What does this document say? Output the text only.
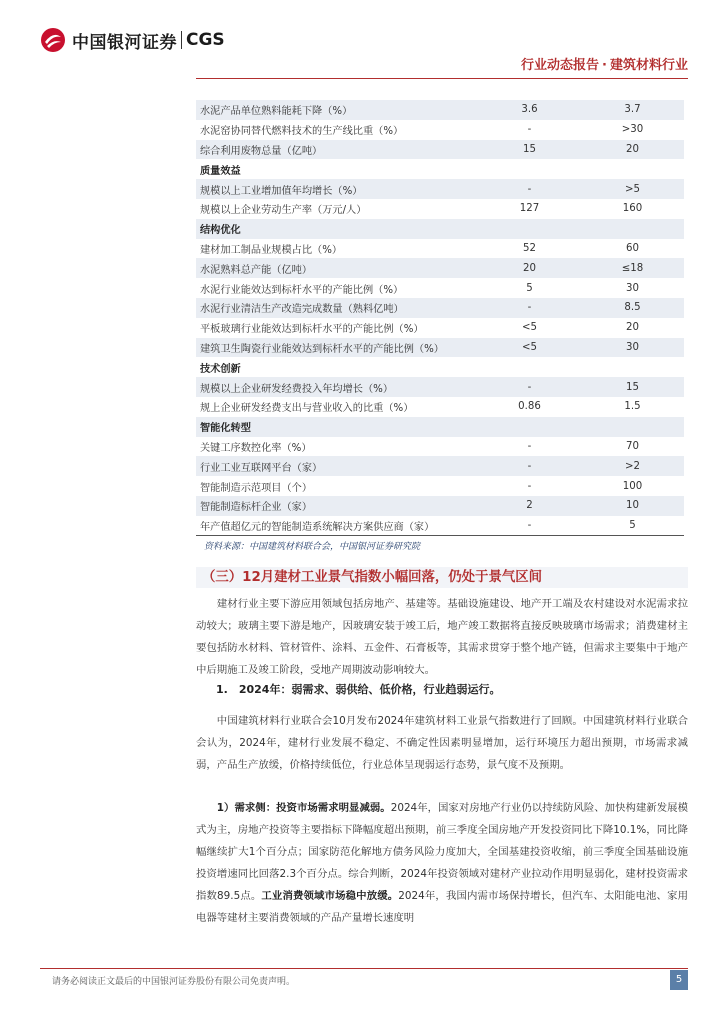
中国银河证券 CGS
行业动态报告 · 建筑材料行业
水泥产品单位熟料能耗下降（%）	3.6	3.7
水泥窑协同替代燃料技术的生产线比重（%）	-	>30
综合利用废物总量（亿吨）	15	20
质量效益		
规模以上工业增加值年均增长（%）	-	>5
规模以上企业劳动生产率（万元/人）	127	160
结构优化		
建材加工制品业规模占比（%）	52	60
水泥熟料总产能（亿吨）	20	≤18
水泥行业能效达到标杆水平的产能比例（%）	5	30
水泥行业清洁生产改造完成数量（熟料亿吨）	-	8.5
平板玻璃行业能效达到标杆水平的产能比例（%）	<5	20
建筑卫生陶瓷行业能效达到标杆水平的产能比例（%）	<5	30
技术创新		
规模以上企业研发经费投入年均增长（%）	-	15
规上企业研发经费支出与营业收入的比重（%）	0.86	1.5
智能化转型		
关键工序数控化率（%）	-	70
行业工业互联网平台（家）	-	>2
智能制造示范项目（个）	-	100
智能制造标杆企业（家）	2	10
年产值超亿元的智能制造系统解决方案供应商（家）	-	5
资料来源：中国建筑材料联合会，中国银河证券研究院
（三）12月建材工业景气指数小幅回落，仍处于景气区间

建材行业主要下游应用领域包括房地产、基建等。基础设施建设、地产开工端及农村建设对水泥需求拉动较大；玻璃主要下游是地产，因玻璃安装于竣工后，地产竣工数据将直接反映玻璃市场需求；消费建材主要包括防水材料、管材管件、涂料、五金件、石膏板等，其需求贯穿于整个地产链，但需求主要集中于地产中后期施工及竣工阶段，受地产周期波动影响较大。

1.　2024年：弱需求、弱供给、低价格，行业趋弱运行。

中国建筑材料行业联合会10月发布2024年建筑材料工业景气指数进行了回顾。中国建筑材料行业联合会认为，2024年，建材行业发展不稳定、不确定性因素明显增加，运行环境压力超出预期，市场需求减弱，产品生产放缓，价格持续低位，行业总体呈现弱运行态势，景气度不及预期。

1）需求侧：投资市场需求明显减弱。2024年，国家对房地产行业仍以持续防风险、加快构建新发展模式为主，房地产投资等主要指标下降幅度超出预期，前三季度全国房地产开发投资同比下降10.1%，同比降幅继续扩大1个百分点；国家防范化解地方债务风险力度加大，全国基建投资收缩，前三季度全国基础设施投资增速同比回落2.3个百分点。综合判断，2024年投资领域对建材产业拉动作用明显弱化，建材投资需求指数89.5点。工业消费领域市场稳中放缓。2024年，我国内需市场保持增长，但汽车、太阳能电池、家用电器等建材主要消费领域的产品产量增长速度明

请务必阅读正文最后的中国银河证券股份有限公司免责声明。	5
